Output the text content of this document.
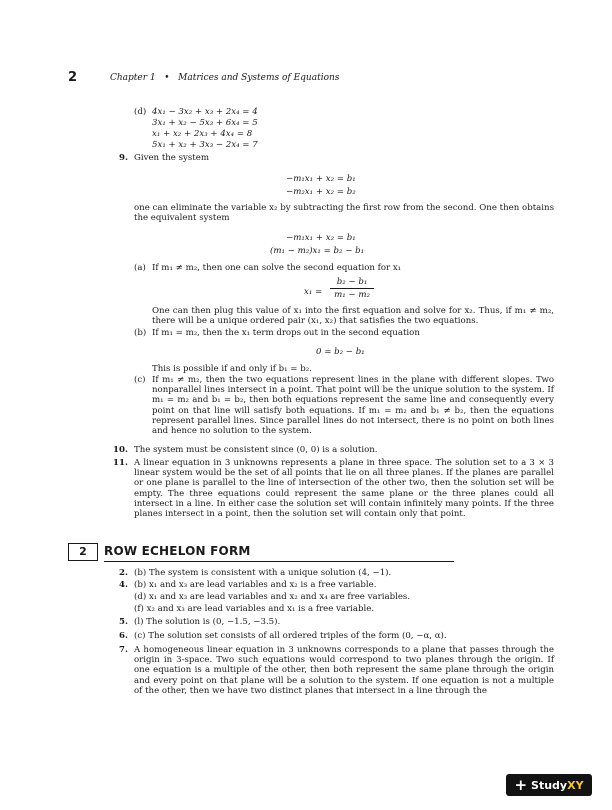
2	Chapter 1 • Matrices and Systems of Equations
(d) 4x₁ − 3x₂ + x₃ + 2x₄ = 4
3x₁ + x₂ − 5x₃ + 6x₄ = 5
x₁ + x₂ + 2x₃ + 4x₄ = 8
5x₁ + x₂ + 3x₃ − 2x₄ = 7
9. Given the system
−m₁x₁ + x₂ = b₁
−m₂x₁ + x₂ = b₂
one can eliminate the variable x₂ by subtracting the first row from the second. One then obtains the equivalent system
−m₁x₁ + x₂ = b₁
(m₁ − m₂)x₁ = b₂ − b₁
(a) If m₁ ≠ m₂, then one can solve the second equation for x₁
x₁ =
b₂ − b₁
m₁ − m₂
One can then plug this value of x₁ into the first equation and solve for x₂. Thus, if m₁ ≠ m₂, there will be a unique ordered pair (x₁, x₂) that satisfies the two equations.
(b) If m₁ = m₂, then the x₁ term drops out in the second equation
0 = b₂ − b₁
This is possible if and only if b₁ = b₂.
(c) If m₁ ≠ m₂, then the two equations represent lines in the plane with different slopes. Two nonparallel lines intersect in a point. That point will be the unique solution to the system. If m₁ = m₂ and b₁ = b₂, then both equations represent the same line and consequently every point on that line will satisfy both equations. If m₁ = m₂ and b₁ ≠ b₂, then the equations represent parallel lines. Since parallel lines do not intersect, there is no point on both lines and hence no solution to the system.
10. The system must be consistent since (0, 0) is a solution.
11. A linear equation in 3 unknowns represents a plane in three space. The solution set to a 3 × 3 linear system would be the set of all points that lie on all three planes. If the planes are parallel or one plane is parallel to the line of intersection of the other two, then the solution set will be empty. The three equations could represent the same plane or the three planes could all intersect in a line. In either case the solution set will contain infinitely many points. If the three planes intersect in a point, then the solution set will contain only that point.
2	ROW ECHELON FORM
2. (b) The system is consistent with a unique solution (4, −1).
4. (b) x₁ and x₃ are lead variables and x₂ is a free variable.
(d) x₁ and x₃ are lead variables and x₂ and x₄ are free variables.
(f) x₂ and x₃ are lead variables and x₁ is a free variable.
5. (l) The solution is (0, −1.5, −3.5).
6. (c) The solution set consists of all ordered triples of the form (0, −α, α).
7. A homogeneous linear equation in 3 unknowns corresponds to a plane that passes through the origin in 3-space. Two such equations would correspond to two planes through the origin. If one equation is a multiple of the other, then both represent the same plane through the origin and every point on that plane will be a solution to the system. If one equation is not a multiple of the other, then we have two distinct planes that intersect in a line through the
+ StudyXY
